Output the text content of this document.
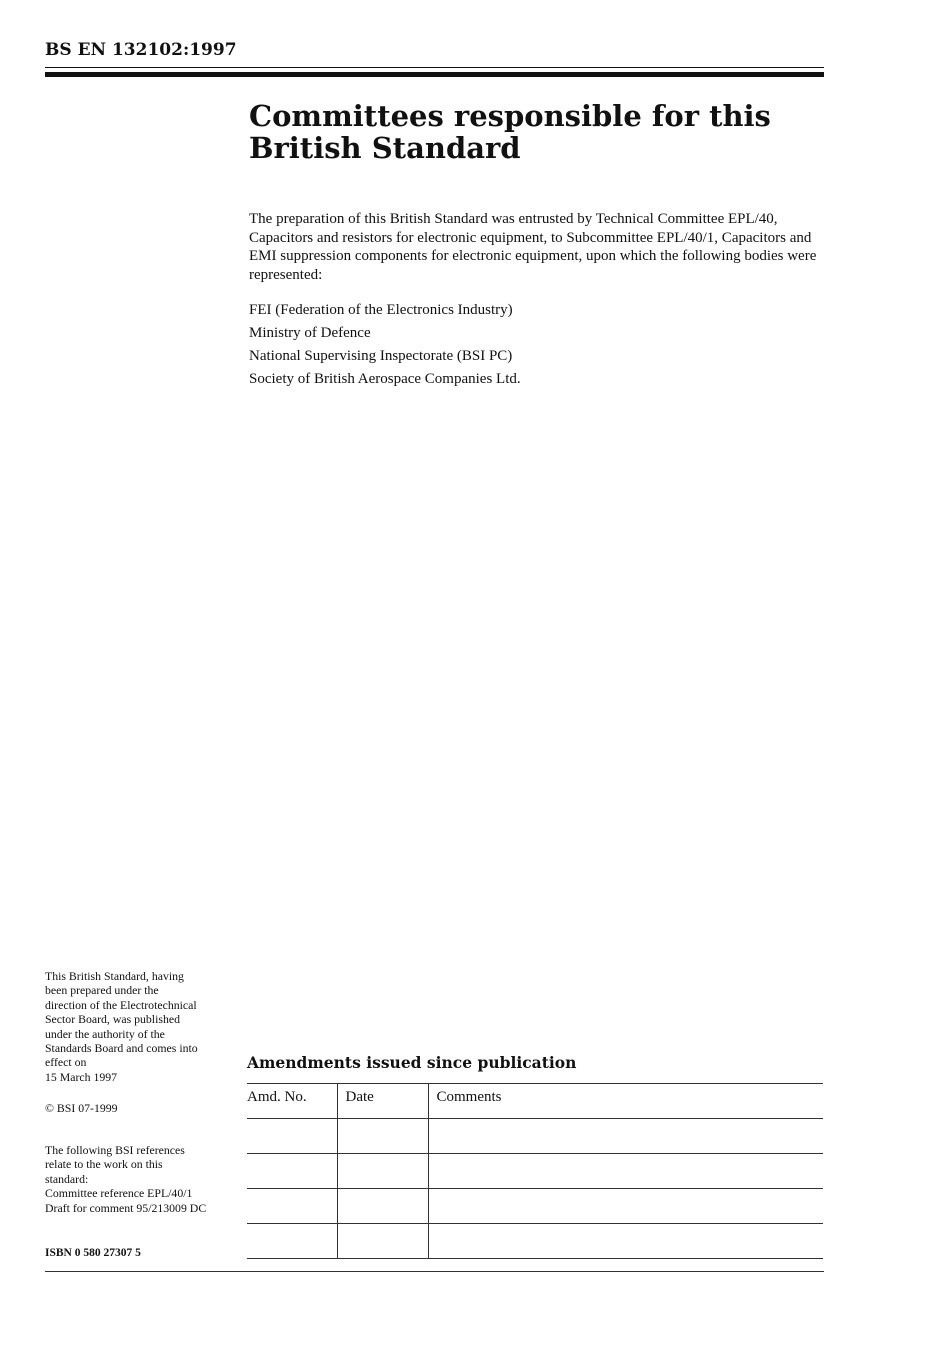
BS EN 132102:1997
Committees responsible for this British Standard
The preparation of this British Standard was entrusted by Technical Committee EPL/40, Capacitors and resistors for electronic equipment, to Subcommittee EPL/40/1, Capacitors and EMI suppression components for electronic equipment, upon which the following bodies were represented:
FEI (Federation of the Electronics Industry)
Ministry of Defence
National Supervising Inspectorate (BSI PC)
Society of British Aerospace Companies Ltd.
This British Standard, having
been prepared under the
direction of the Electrotechnical
Sector Board, was published
under the authority of the
Standards Board and comes into
effect on
15 March 1997
© BSI 07-1999
The following BSI references
relate to the work on this
standard:
Committee reference EPL/40/1
Draft for comment 95/213009 DC
ISBN 0 580 27307 5
Amendments issued since publication
Amd. No.	Date	Comments
